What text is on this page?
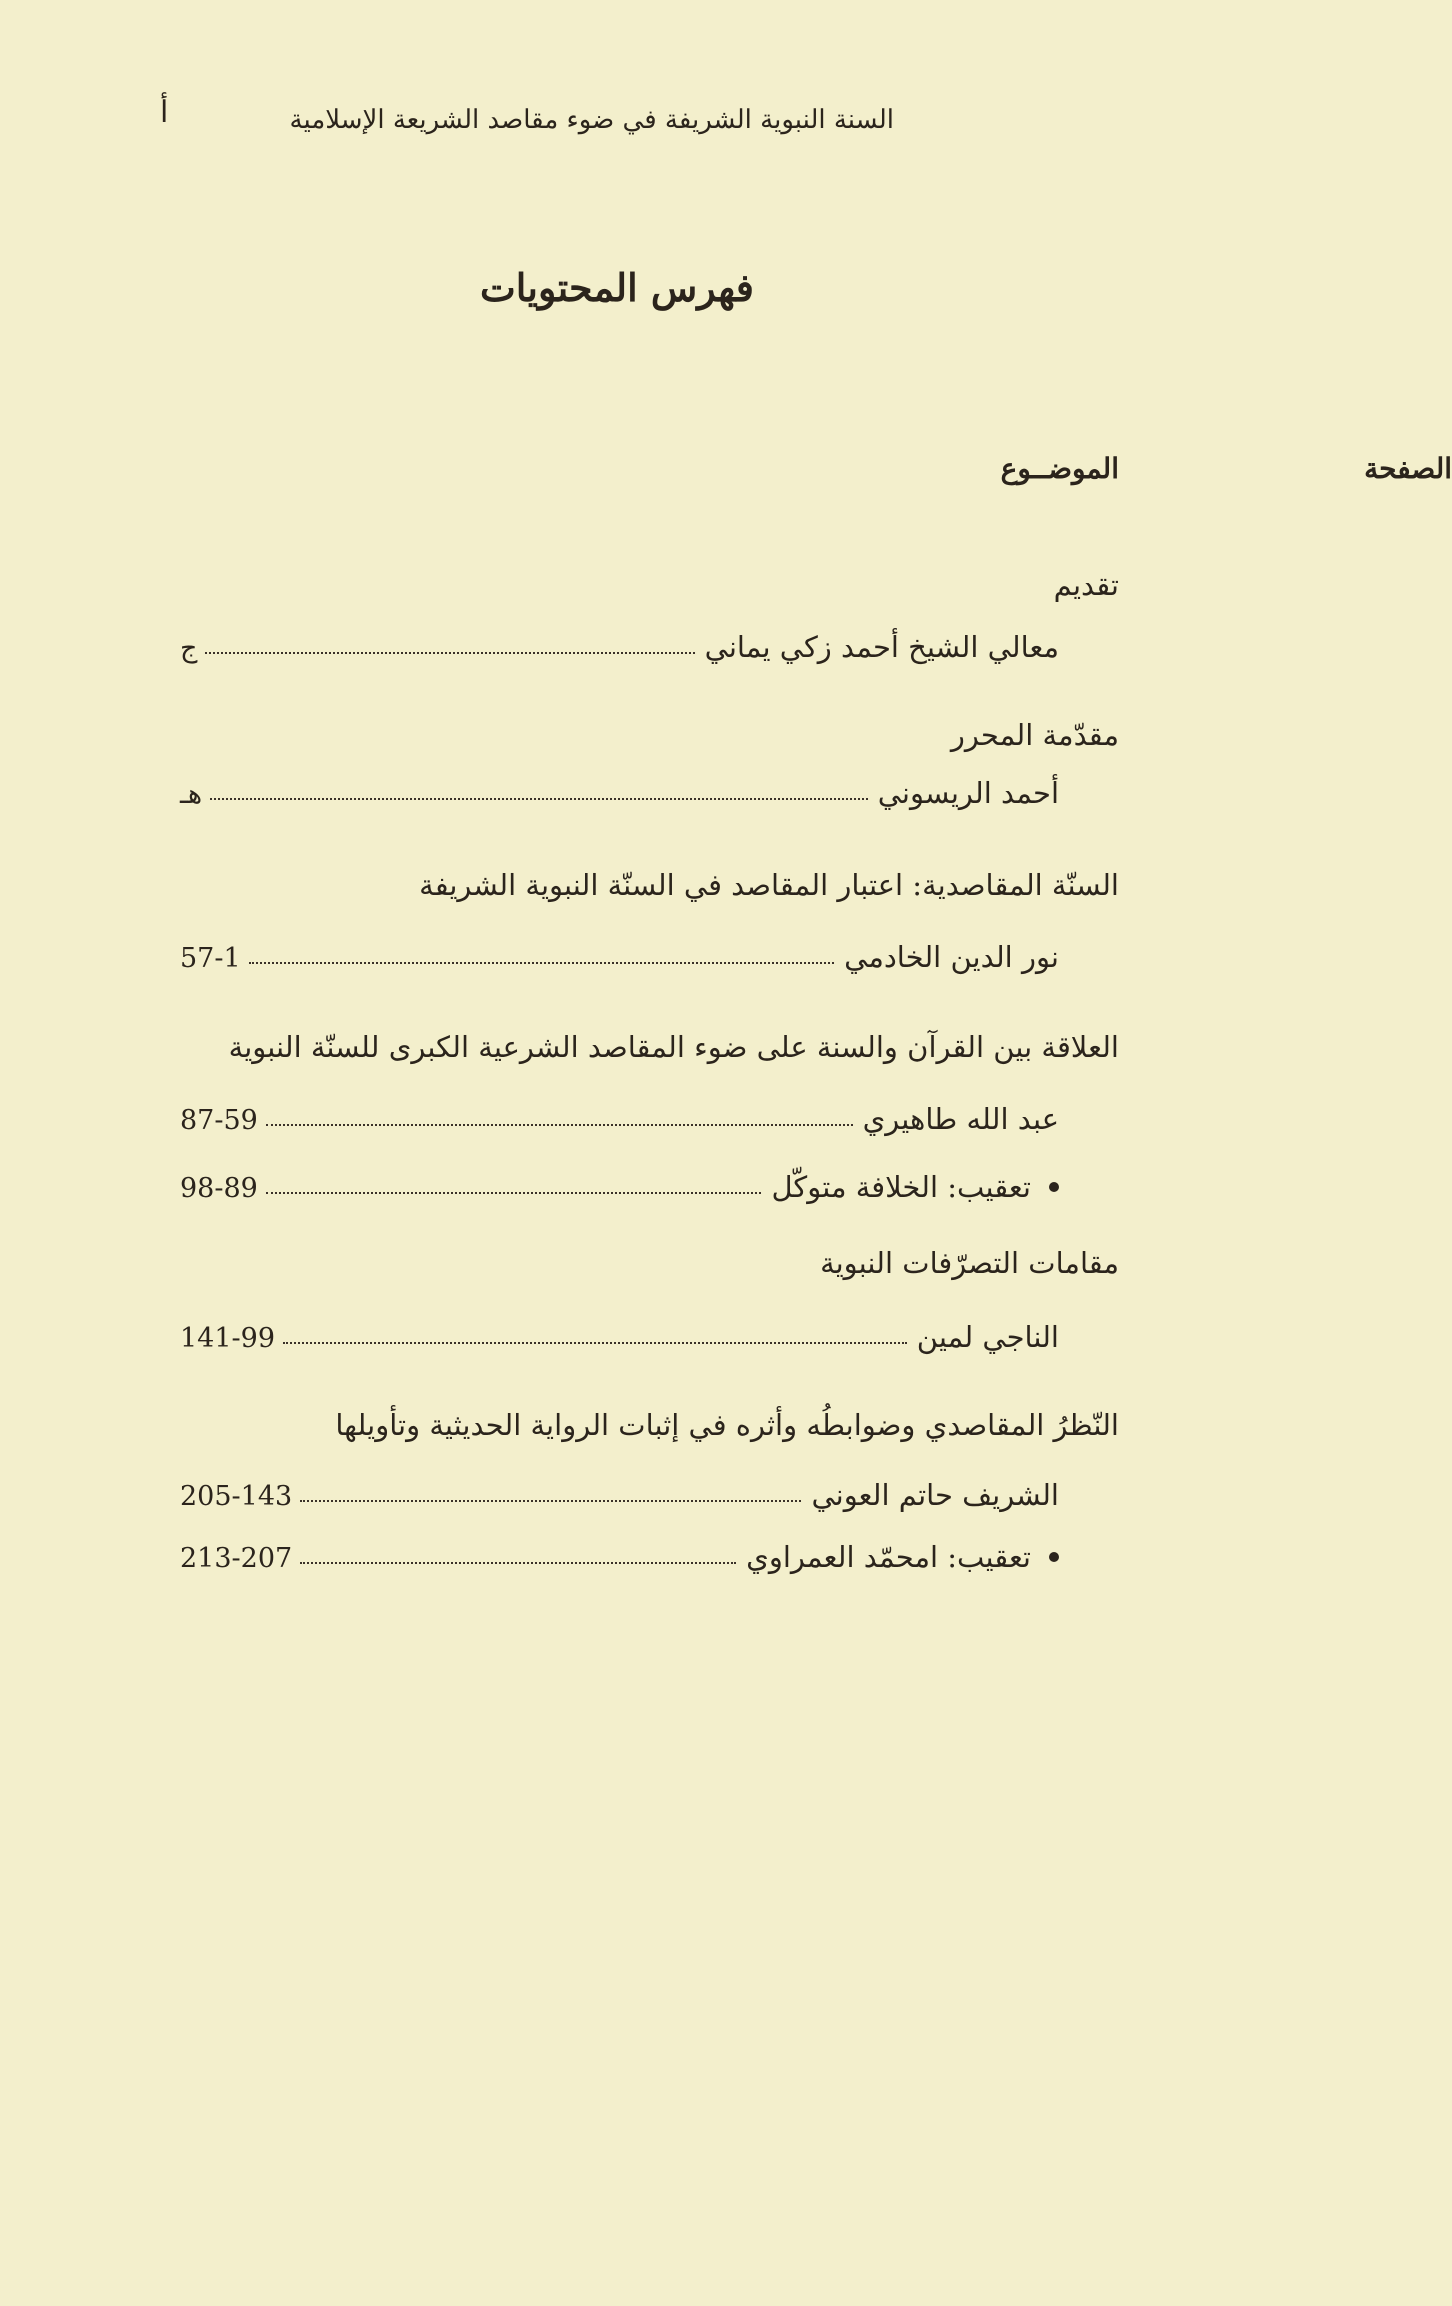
أ	السنة النبوية الشريفة في ضوء مقاصد الشريعة الإسلامية
فهرس المحتويات
الموضــوع	الصفحة
تقديم
معالي الشيخ أحمد زكي يماني
ج
مقدّمة المحرر
أحمد الريسوني
هـ
السنّة المقاصدية: اعتبار المقاصد في السنّة النبوية الشريفة
نور الدين الخادمي
57-1
العلاقة بين القرآن والسنة على ضوء المقاصد الشرعية الكبرى للسنّة النبوية
عبد الله طاهيري
87-59
تعقيب: الخلافة متوكّل
98-89
مقامات التصرّفات النبوية
الناجي لمين
141-99
النّظرُ المقاصدي وضوابطُه وأثره في إثبات الرواية الحديثية وتأويلها
الشريف حاتم العوني
205-143
تعقيب: امحمّد العمراوي
213-207
